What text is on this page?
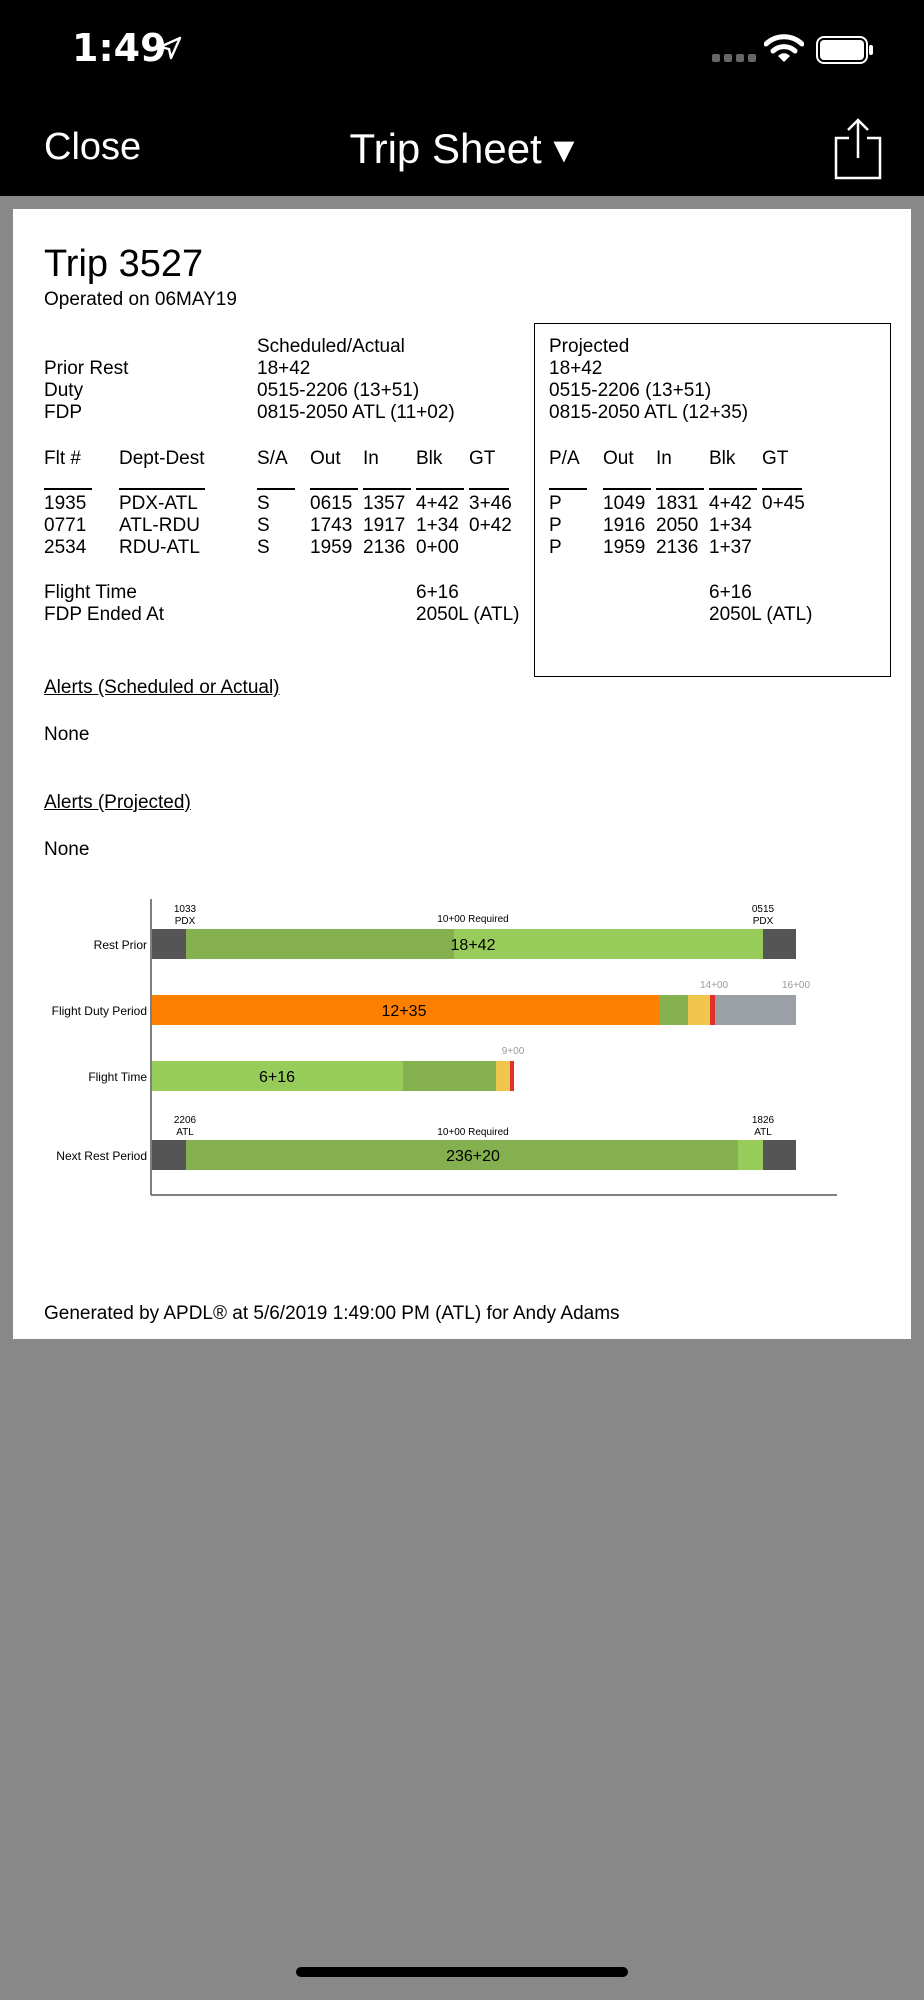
1:49
Close	Trip Sheet ▾
Trip 3527
Operated on 06MAY19
Scheduled/Actual	Projected
Prior Rest	18+42	18+42
Duty	0515-2206 (13+51)	0515-2206 (13+51)
FDP	0815-2050 ATL (11+02)	0815-2050 ATL (12+35)
Flt # Dept-Dest	S/A Out In Blk GT	P/A Out In Blk GT
1935 PDX-ATL	S 0615 1357 4+42 3+46 P 1049 1831 4+42 0+45
0771 ATL-RDU	S 1743 1917 1+34 0+42 P 1916 2050 1+34
2534 RDU-ATL	S 1959 2136 0+00	P 1959 2136 1+37
Flight Time	6+16	6+16
FDP Ended At	2050L (ATL)	2050L (ATL)
Alerts (Scheduled or Actual)
None
Alerts (Projected)
None
Rest Prior
Flight Duty Period
Flight Time
Next Rest Period
18+42
10+00 Required
1033
PDX
0515
PDX
12+35
14+00	16+00
6+16
9+00
236+20
10+00 Required
2206
ATL
1826
ATL
Generated by APDL® at 5/6/2019 1:49:00 PM (ATL) for Andy Adams
